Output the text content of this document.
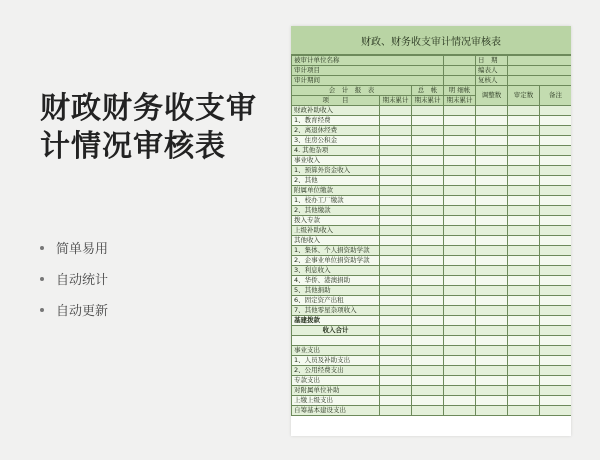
财政财务收支审计情况审核表
简单易用
自动统计
自动更新
财政、财务收支审计情况审核表
被审计单位名称				日　期		
审计项目				编表人		
审计期间				复核人		
会　计　报　表		总　帐	明 细帐	调整数	审定数	备注
项　　目	期末累计	期末累计	期末累计			
财政补助收入						
1、教育经费						
2、离退休经费						
3、住房公积金						
4. 其他杂项						
事业收入						
1、预算外资金收入						
2、其他						
附属单位缴款						
1、校办工厂缴款						
2、其他缴款						
拨入专款						
上级补助收入						
其他收入						
1、集体、个人捐资助学款						
2、企事业单位捐资助学款						
3、利息收入						
4、华侨、港澳捐助						
5、其他捐助						
6、固定资产出租						
7、其他零星杂项收入						
基建拨款						
收入合计						

事业支出						
1、人员及补助支出						
2、公用经费支出						
专款支出						
对附属单位补助						
上缴上级支出						
自筹基本建设支出						
